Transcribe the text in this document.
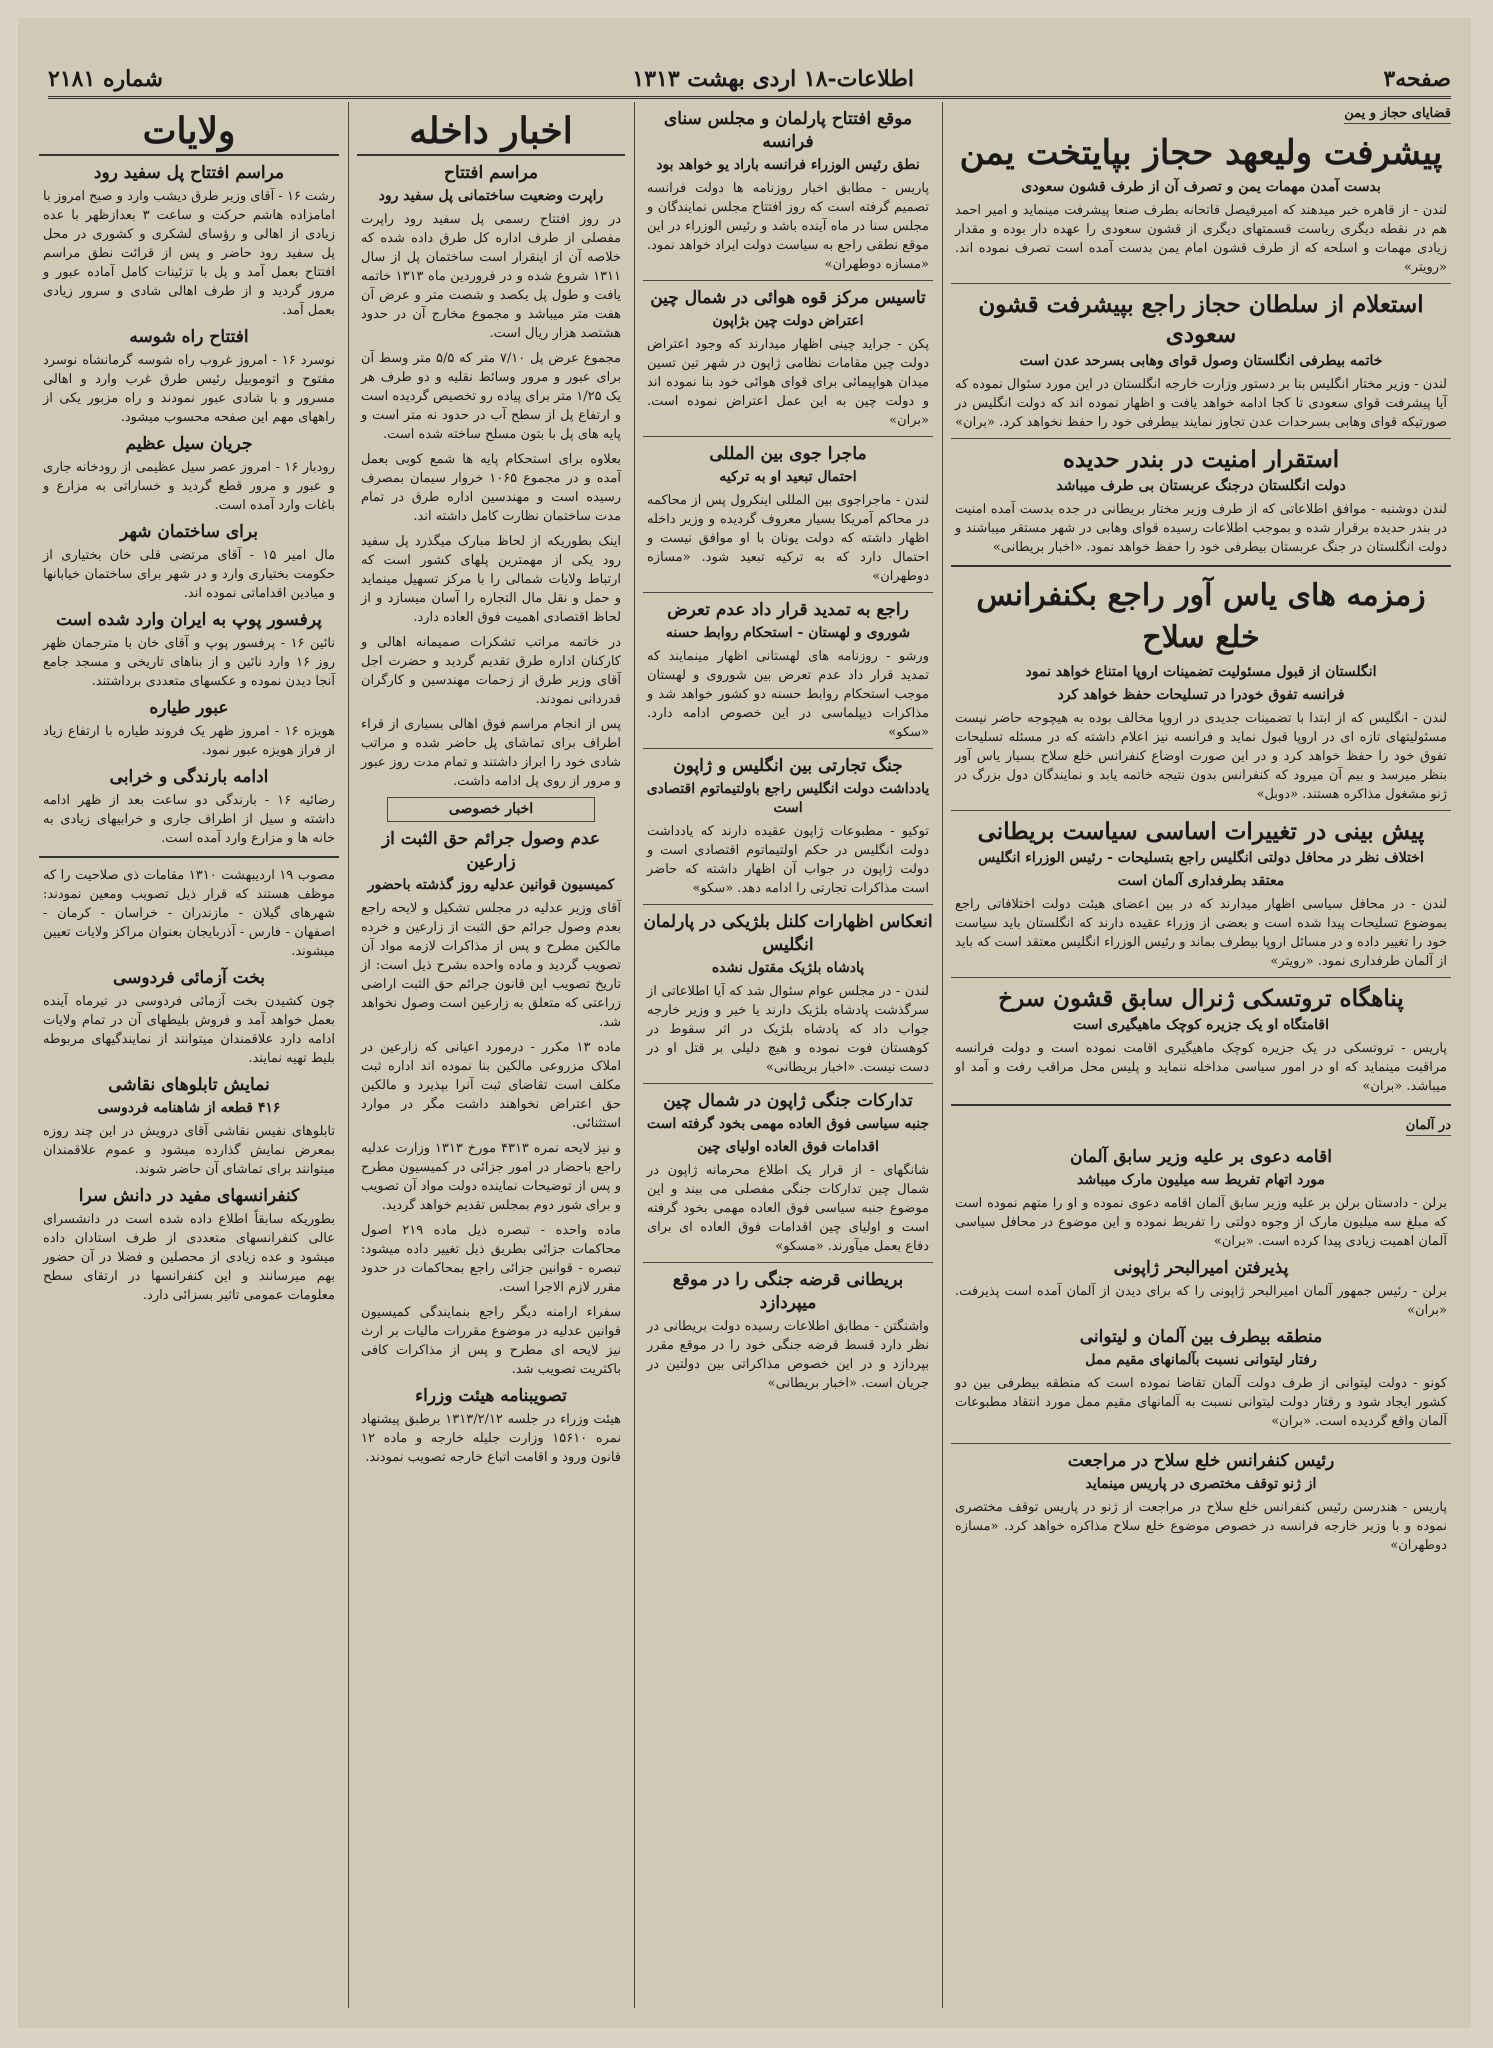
صفحه۳
اطلاعات-۱۸ اردی بهشت ۱۳۱۳
شماره ۲۱۸۱
قضایای حجاز و یمن
پیشرفت ولیعهد حجاز بپایتخت یمن
بدست آمدن مهمات یمن و تصرف آن از طرف قشون سعودی

لندن - از قاهره خبر میدهند که امیرفیصل فاتحانه بطرف صنعا پیشرفت مینماید و امیر احمد هم در نقطه دیگری ریاست قسمتهای دیگری از قشون سعودی را عهده دار بوده و مقدار زیادی مهمات و اسلحه که از طرف قشون امام یمن بدست آمده است تصرف نموده اند. «رویتر»

استعلام از سلطان حجاز راجع بپیشرفت قشون سعودی
خاتمه بیطرفی انگلستان وصول قوای وهابی بسرحد عدن است

لندن - وزیر مختار انگلیس بنا بر دستور وزارت خارجه انگلستان در این مورد سئوال نموده که آیا پیشرفت قوای سعودی تا کجا ادامه خواهد یافت و اظهار نموده اند که دولت انگلیس در صورتیکه قوای وهابی بسرحدات عدن تجاوز نمایند بیطرفی خود را حفظ نخواهد کرد. «بران»

استقرار امنیت در بندر حدیده
دولت انگلستان درجنگ عربستان بی طرف میباشد

لندن دوشنبه - موافق اطلاعاتی که از طرف وزیر مختار بریطانی در جده بدست آمده امنیت در بندر حدیده برقرار شده و بموجب اطلاعات رسیده قوای وهابی در شهر مستقر میباشند و دولت انگلستان در جنگ عربستان بیطرفی خود را حفظ خواهد نمود. «اخبار بریطانی»

زمزمه های یاس آور راجع بکنفرانس خلع سلاح
انگلستان از قبول مسئولیت تضمینات اروپا امتناع خواهد نمود
فرانسه تفوق خودرا در تسلیحات حفظ خواهد کرد

لندن - انگلیس که از ابتدا با تضمینات جدیدی در اروپا مخالف بوده به هیچوجه حاضر نیست مسئولیتهای تازه ای در اروپا قبول نماید و فرانسه نیز اعلام داشته که در مسئله تسلیحات تفوق خود را حفظ خواهد کرد و در این صورت اوضاع کنفرانس خلع سلاح بسیار یاس آور بنظر میرسد و بیم آن میرود که کنفرانس بدون نتیجه خاتمه یابد و نمایندگان دول بزرگ در ژنو مشغول مذاکره هستند. «دوبل»

پیش بینی در تغییرات اساسی سیاست بریطانی
اختلاف نظر در محافل دولتی انگلیس راجع بتسلیحات - رئیس الوزراء انگلیس
معتقد بطرفداری آلمان است

لندن - در محافل سیاسی اظهار میدارند که در بین اعضای هیئت دولت اختلافاتی راجع بموضوع تسلیحات پیدا شده است و بعضی از وزراء عقیده دارند که انگلستان باید سیاست خود را تغییر داده و در مسائل اروپا بیطرف بماند و رئیس الوزراء انگلیس معتقد است که باید از آلمان طرفداری نمود. «رویتر»

پناهگاه تروتسکی ژنرال سابق قشون سرخ
اقامتگاه او یک جزیره کوچک ماهیگیری است

پاریس - تروتسکی در یک جزیره کوچک ماهیگیری اقامت نموده است و دولت فرانسه مراقبت مینماید که او در امور سیاسی مداخله ننماید و پلیس محل مراقب رفت و آمد او میباشد. «بران»

در آلمان
اقامه دعوی بر علیه وزیر سابق آلمان
مورد اتهام تفریط سه میلیون مارک میباشد

برلن - دادستان برلن بر علیه وزیر سابق آلمان اقامه دعوی نموده و او را متهم نموده است که مبلغ سه میلیون مارک از وجوه دولتی را تفریط نموده و این موضوع در محافل سیاسی آلمان اهمیت زیادی پیدا کرده است. «بران»

پذیرفتن امیرالبحر ژاپونی

برلن - رئیس جمهور آلمان امیرالبحر ژاپونی را که برای دیدن از آلمان آمده است پذیرفت. «بران»

منطقه بیطرف بین آلمان و لیتوانی
رفتار لیتوانی نسبت بآلمانهای مقیم ممل

کونو - دولت لیتوانی از طرف دولت آلمان تقاضا نموده است که منطقه بیطرفی بین دو کشور ایجاد شود و رفتار دولت لیتوانی نسبت به آلمانهای مقیم ممل مورد انتقاد مطبوعات آلمان واقع گردیده است. «بران»

رئیس کنفرانس خلع سلاح در مراجعت
از ژنو توقف مختصری در پاریس مینماید

پاریس - هندرسن رئیس کنفرانس خلع سلاح در مراجعت از ژنو در پاریس توقف مختصری نموده و با وزیر خارجه فرانسه در خصوص موضوع خلع سلاح مذاکره خواهد کرد. «مسازه دوطهران»

موقع افتتاح پارلمان و مجلس سنای فرانسه
نطق رئیس الوزراء فرانسه باراد یو خواهد بود

پاریس - مطابق اخبار روزنامه ها دولت فرانسه تصمیم گرفته است که روز افتتاح مجلس نمایندگان و مجلس سنا در ماه آینده باشد و رئیس الوزراء در این موقع نطقی راجع به سیاست دولت ایراد خواهد نمود. «مسازه دوطهران»

تاسیس مرکز قوه هوائی در شمال چین
اعتراض دولت چین بژاپون

پکن - جراید چینی اظهار میدارند که وجود اعتراض دولت چین مقامات نظامی ژاپون در شهر تین تسین میدان هواپیمائی برای قوای هوائی خود بنا نموده اند و دولت چین به این عمل اعتراض نموده است. «بران»

ماجرا جوی بین المللی
احتمال تبعید او به ترکیه

لندن - ماجراجوی بین المللی اینکرول پس از محاکمه در محاکم آمریکا بسیار معروف گردیده و وزیر داخله اظهار داشته که دولت یونان با او موافق نیست و احتمال دارد که به ترکیه تبعید شود. «مسازه دوطهران»

راجع به تمدید قرار داد عدم تعرض
شوروی و لهستان - استحکام روابط حسنه

ورشو - روزنامه های لهستانی اظهار مینمایند که تمدید قرار داد عدم تعرض بین شوروی و لهستان موجب استحکام روابط حسنه دو کشور خواهد شد و مذاکرات دیپلماسی در این خصوص ادامه دارد. «سکو»

جنگ تجارتی بین انگلیس و ژاپون
یادداشت دولت انگلیس راجع باولتیماتوم اقتصادی است

توکیو - مطبوعات ژاپون عقیده دارند که یادداشت دولت انگلیس در حکم اولتیماتوم اقتصادی است و دولت ژاپون در جواب آن اظهار داشته که حاضر است مذاکرات تجارتی را ادامه دهد. «سکو»

انعکاس اظهارات کلنل بلژیکی در پارلمان انگلیس
پادشاه بلژیک مقتول نشده

لندن - در مجلس عوام سئوال شد که آیا اطلاعاتی از سرگذشت پادشاه بلژیک دارند یا خیر و وزیر خارجه جواب داد که پادشاه بلژیک در اثر سقوط در کوهستان فوت نموده و هیچ دلیلی بر قتل او در دست نیست. «اخبار بریطانی»

تدارکات جنگی ژاپون در شمال چین
جنبه سیاسی فوق العاده مهمی بخود گرفته است
اقدامات فوق العاده اولیای چین

شانگهای - از قرار یک اطلاع محرمانه ژاپون در شمال چین تدارکات جنگی مفصلی می بیند و این موضوع جنبه سیاسی فوق العاده مهمی بخود گرفته است و اولیای چین اقدامات فوق العاده ای برای دفاع بعمل میآورند. «مسکو»

بریطانی قرضه جنگی را در موقع میپردازد

واشنگتن - مطابق اطلاعات رسیده دولت بریطانی در نظر دارد قسط قرضه جنگی خود را در موقع مقرر بپردازد و در این خصوص مذاکراتی بین دولتین در جریان است. «اخبار بریطانی»

اخبار داخله
مراسم افتتاح
راپرت وضعیت ساختمانی پل سفید رود

در روز افتتاح رسمی پل سفید رود راپرت مفصلی از طرف اداره کل طرق داده شده که خلاصه آن از اینقرار است ساختمان پل از سال ۱۳۱۱ شروع شده و در فروردین ماه ۱۳۱۳ خاتمه یافت و طول پل یکصد و شصت متر و عرض آن هفت متر میباشد و مجموع مخارج آن در حدود هشتصد هزار ریال است.

مجموع عرض پل ۷/۱۰ متر که ۵/۵ متر وسط آن برای عبور و مرور وسائط نقلیه و دو طرف هر یک ۱/۲۵ متر برای پیاده رو تخصیص گردیده است و ارتفاع پل از سطح آب در حدود نه متر است و پایه های پل با بتون مسلح ساخته شده است.

بعلاوه برای استحکام پایه ها شمع کوبی بعمل آمده و در مجموع ۱۰۶۵ خروار سیمان بمصرف رسیده است و مهندسین اداره طرق در تمام مدت ساختمان نظارت کامل داشته اند.

اینک بطوریکه از لحاظ مبارک میگذرد پل سفید رود یکی از مهمترین پلهای کشور است که ارتباط ولایات شمالی را با مرکز تسهیل مینماید و حمل و نقل مال التجاره را آسان میسازد و از لحاظ اقتصادی اهمیت فوق العاده دارد.

در خاتمه مراتب تشکرات صمیمانه اهالی و کارکنان اداره طرق تقدیم گردید و حضرت اجل آقای وزیر طرق از زحمات مهندسین و کارگران قدردانی نمودند.

پس از انجام مراسم فوق اهالی بسیاری از قراء اطراف برای تماشای پل حاضر شده و مراتب شادی خود را ابراز داشتند و تمام مدت روز عبور و مرور از روی پل ادامه داشت.

اخبار خصوصی
عدم وصول جرائم حق الثبت از زارعین
کمیسیون قوانین عدلیه روز گذشته باحضور

آقای وزیر عدلیه در مجلس تشکیل و لایحه راجع بعدم وصول جرائم حق الثبت از زارعین و خرده مالکین مطرح و پس از مذاکرات لازمه مواد آن تصویب گردید و ماده واحده بشرح ذیل است: از تاریخ تصویب این قانون جرائم حق الثبت اراضی زراعتی که متعلق به زارعین است وصول نخواهد شد.

ماده ۱۳ مکرر - درمورد اعیانی که زارعین در املاک مزروعی مالکین بنا نموده اند اداره ثبت مکلف است تقاضای ثبت آنرا بپذیرد و مالکین حق اعتراض نخواهند داشت مگر در موارد استثنائی.

و نیز لایحه نمره ۴۳۱۳ مورخ ۱۳۱۳ وزارت عدلیه راجع باحضار در امور جزائی در کمیسیون مطرح و پس از توضیحات نماینده دولت مواد آن تصویب و برای شور دوم بمجلس تقدیم خواهد گردید.

ماده واحده - تبصره ذیل ماده ۲۱۹ اصول محاکمات جزائی بطریق ذیل تغییر داده میشود: تبصره - قوانین جزائی راجع بمحاکمات در حدود مقرر لازم الاجرا است.

سفراء ارامنه دیگر راجع بنمایندگی کمیسیون قوانین عدلیه در موضوع مقررات مالیات بر ارث نیز لایحه ای مطرح و پس از مذاکرات کافی باکثریت تصویب شد.

تصویبنامه هیئت وزراء

هیئت وزراء در جلسه ۱۳۱۳/۲/۱۲ برطبق پیشنهاد نمره ۱۵۶۱۰ وزارت جلیله خارجه و ماده ۱۲ قانون ورود و اقامت اتباع خارجه تصویب نمودند.

ولایات
مراسم افتتاح پل سفید رود

رشت ۱۶ - آقای وزیر طرق دیشب وارد و صبح امروز با امامزاده هاشم حرکت و ساعت ۳ بعدازظهر با عده زیادی از اهالی و رؤسای لشکری و کشوری در محل پل سفید رود حاضر و پس از قرائت نطق مراسم افتتاح بعمل آمد و پل با تزئینات کامل آماده عبور و مرور گردید و از طرف اهالی شادی و سرور زیادی بعمل آمد.

افتتاح راه شوسه

نوسرد ۱۶ - امروز غروب راه شوسه گرمانشاه نوسرد مفتوح و اتوموبیل رئیس طرق غرب وارد و اهالی مسرور و با شادی عبور نمودند و راه مزبور یکی از راههای مهم این صفحه محسوب میشود.

جریان سیل عظیم

رودبار ۱۶ - امروز عصر سیل عظیمی از رودخانه جاری و عبور و مرور قطع گردید و خساراتی به مزارع و باغات وارد آمده است.

برای ساختمان شهر

مال امیر ۱۵ - آقای مرتضی قلی خان بختیاری از حکومت بختیاری وارد و در شهر برای ساختمان خیابانها و میادین اقداماتی نموده اند.

پرفسور پوپ به ایران وارد شده است

نائین ۱۶ - پرفسور پوپ و آقای خان با مترجمان ظهر روز ۱۶ وارد نائین و از بناهای تاریخی و مسجد جامع آنجا دیدن نموده و عکسهای متعددی برداشتند.

عبور طیاره

هویزه ۱۶ - امروز ظهر یک فروند طیاره با ارتفاع زیاد از فراز هویزه عبور نمود.

ادامه بارندگی و خرابی

رضائیه ۱۶ - بارندگی دو ساعت بعد از ظهر ادامه داشته و سیل از اطراف جاری و خرابیهای زیادی به خانه ها و مزارع وارد آمده است.

مصوب ۱۹ اردیبهشت ۱۳۱۰ مقامات ذی صلاحیت را که موظف هستند که قرار ذیل تصویب ومعین نمودند: شهرهای گیلان - مازندران - خراسان - کرمان - اصفهان - فارس - آذربایجان بعنوان مراکز ولایات تعیین میشوند.

بخت آزمائی فردوسی

چون کشیدن بخت آزمائی فردوسی در تیرماه آینده بعمل خواهد آمد و فروش بلیطهای آن در تمام ولایات ادامه دارد علاقمندان میتوانند از نمایندگیهای مربوطه بلیط تهیه نمایند.

نمایش تابلوهای نقاشی
۴۱۶ قطعه از شاهنامه فردوسی

تابلوهای نفیس نقاشی آقای درویش در این چند روزه بمعرض نمایش گذارده میشود و عموم علاقمندان میتوانند برای تماشای آن حاضر شوند.

کنفرانسهای مفید در دانش سرا

بطوریکه سابقاً اطلاع داده شده است در دانشسرای عالی کنفرانسهای متعددی از طرف استادان داده میشود و عده زیادی از محصلین و فضلا در آن حضور بهم میرسانند و این کنفرانسها در ارتقای سطح معلومات عمومی تاثیر بسزائی دارد.
